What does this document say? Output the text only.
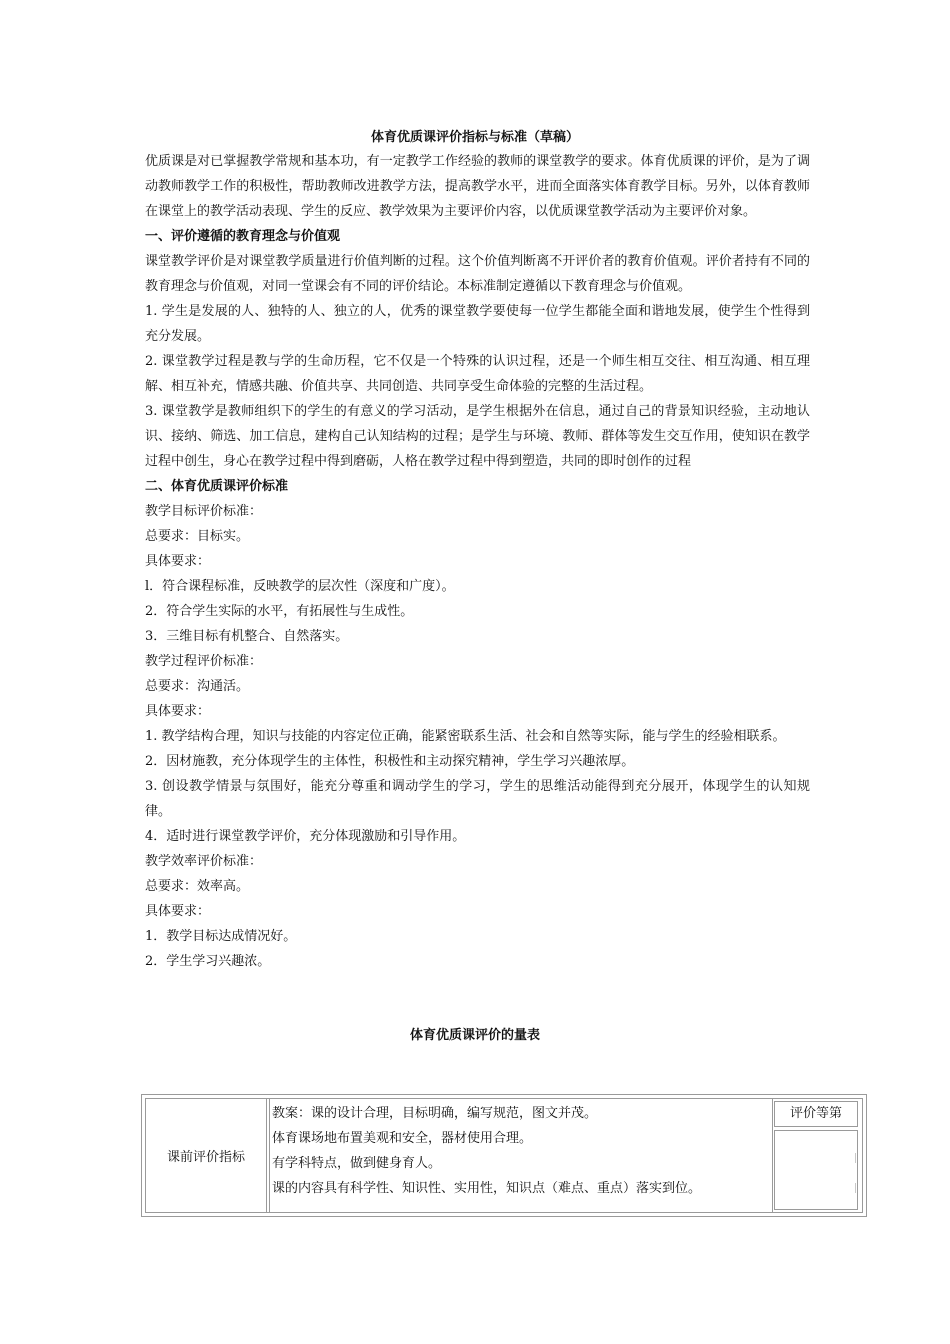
体育优质课评价指标与标准（草稿）

优质课是对已掌握教学常规和基本功，有一定教学工作经验的教师的课堂教学的要求。体育优质课的评价，是为了调动教师教学工作的积极性，帮助教师改进教学方法，提高教学水平，进而全面落实体育教学目标。另外，以体育教师在课堂上的教学活动表现、学生的反应、教学效果为主要评价内容，以优质课堂教学活动为主要评价对象。

一、评价遵循的教育理念与价值观

课堂教学评价是对课堂教学质量进行价值判断的过程。这个价值判断离不开评价者的教育价值观。评价者持有不同的教育理念与价值观，对同一堂课会有不同的评价结论。本标准制定遵循以下教育理念与价值观。

1. 学生是发展的人、独特的人、独立的人，优秀的课堂教学要使每一位学生都能全面和谐地发展，使学生个性得到充分发展。

2. 课堂教学过程是教与学的生命历程，它不仅是一个特殊的认识过程，还是一个师生相互交往、相互沟通、相互理解、相互补充，情感共融、价值共享、共同创造、共同享受生命体验的完整的生活过程。

3. 课堂教学是教师组织下的学生的有意义的学习活动，是学生根据外在信息，通过自己的背景知识经验，主动地认识、接纳、筛选、加工信息，建构自己认知结构的过程；是学生与环境、教师、群体等发生交互作用，使知识在教学过程中创生，身心在教学过程中得到磨砺，人格在教学过程中得到塑造，共同的即时创作的过程

二、体育优质课评价标准

教学目标评价标准：

总要求：目标实。

具体要求：

l．符合课程标准，反映教学的层次性（深度和广度）。

2．符合学生实际的水平，有拓展性与生成性。

3．三维目标有机整合、自然落实。

教学过程评价标准：

总要求：沟通活。

具体要求：

1. 教学结构合理，知识与技能的内容定位正确，能紧密联系生活、社会和自然等实际，能与学生的经验相联系。

2．因材施教，充分体现学生的主体性，积极性和主动探究精神，学生学习兴趣浓厚。

3. 创设教学情景与氛围好，能充分尊重和调动学生的学习，学生的思维活动能得到充分展开，体现学生的认知规律。

4．适时进行课堂教学评价，充分体现激励和引导作用。

教学效率评价标准：

总要求：效率高。

具体要求：

1．教学目标达成情况好。

2．学生学习兴趣浓。

体育优质课评价的量表
课前评价指标
教案：课的设计合理，目标明确，编写规范，图文并茂。
体育课场地布置美观和安全，器材使用合理。
有学科特点，做到健身育人。
课的内容具有科学性、知识性、实用性，知识点（难点、重点）落实到位。
评价等第
